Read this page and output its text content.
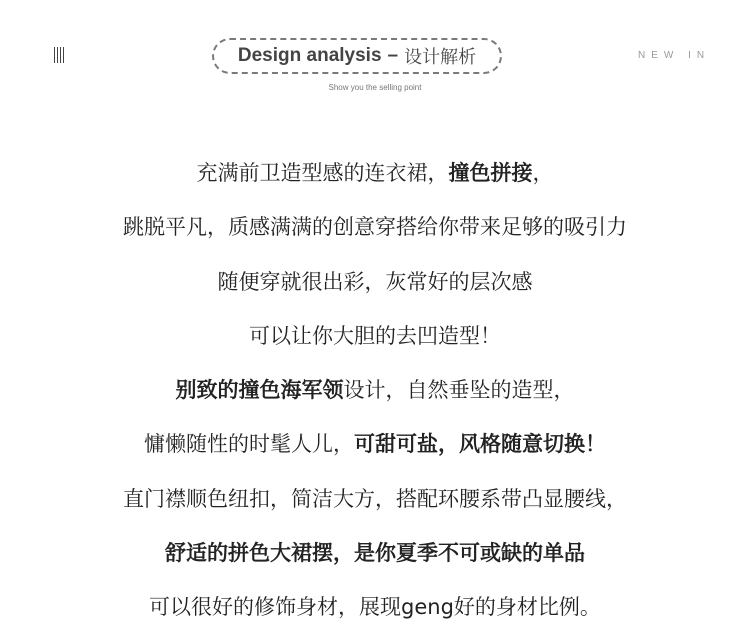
Design analysis – 设计解析
Show you the selling point
NEW IN
充满前卫造型感的连衣裙，撞色拼接，
跳脱平凡，质感满满的创意穿搭给你带来足够的吸引力
随便穿就很出彩，灰常好的层次感
可以让你大胆的去凹造型！
别致的撞色海军领设计，自然垂坠的造型，
慵懒随性的时髦人儿，可甜可盐，风格随意切换！
直门襟顺色纽扣，简洁大方，搭配环腰系带凸显腰线，
舒适的拼色大裙摆，是你夏季不可或缺的单品
可以很好的修饰身材，展现geng好的身材比例。
